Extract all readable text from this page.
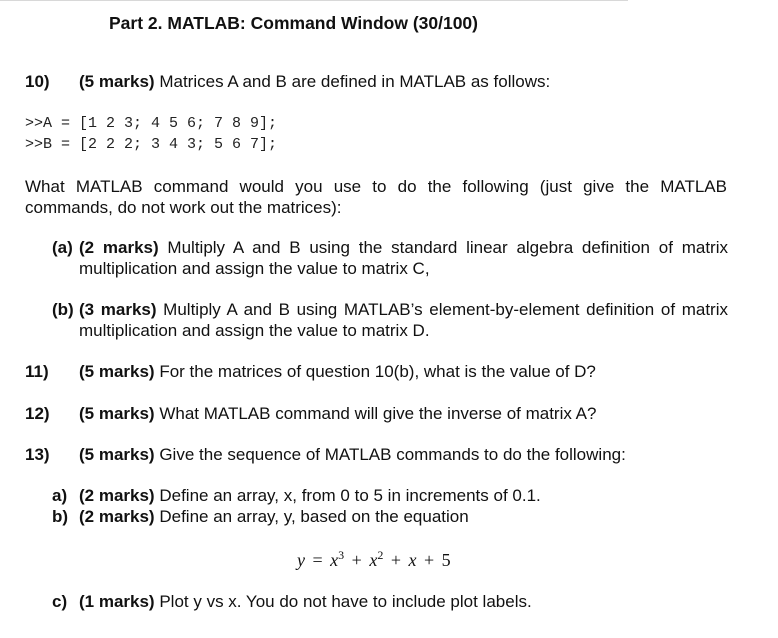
Part 2. MATLAB: Command Window (30/100)
10) (5 marks) Matrices A and B are defined in MATLAB as follows:
>>A = [1 2 3; 4 5 6; 7 8 9];
>>B = [2 2 2; 3 4 3; 5 6 7];
What MATLAB command would you use to do the following (just give the MATLAB commands, do not work out the matrices):
(a) (2 marks) Multiply A and B using the standard linear algebra definition of matrix multiplication and assign the value to matrix C,
(b) (3 marks) Multiply A and B using MATLAB’s element-by-element definition of matrix multiplication and assign the value to matrix D.
11) (5 marks) For the matrices of question 10(b), what is the value of D?
12) (5 marks) What MATLAB command will give the inverse of matrix A?
13) (5 marks) Give the sequence of MATLAB commands to do the following:
a) (2 marks) Define an array, x, from 0 to 5 in increments of 0.1.
b) (2 marks) Define an array, y, based on the equation
$y = x^3 + x^2 + x + 5$
c) (1 marks) Plot y vs x. You do not have to include plot labels.
